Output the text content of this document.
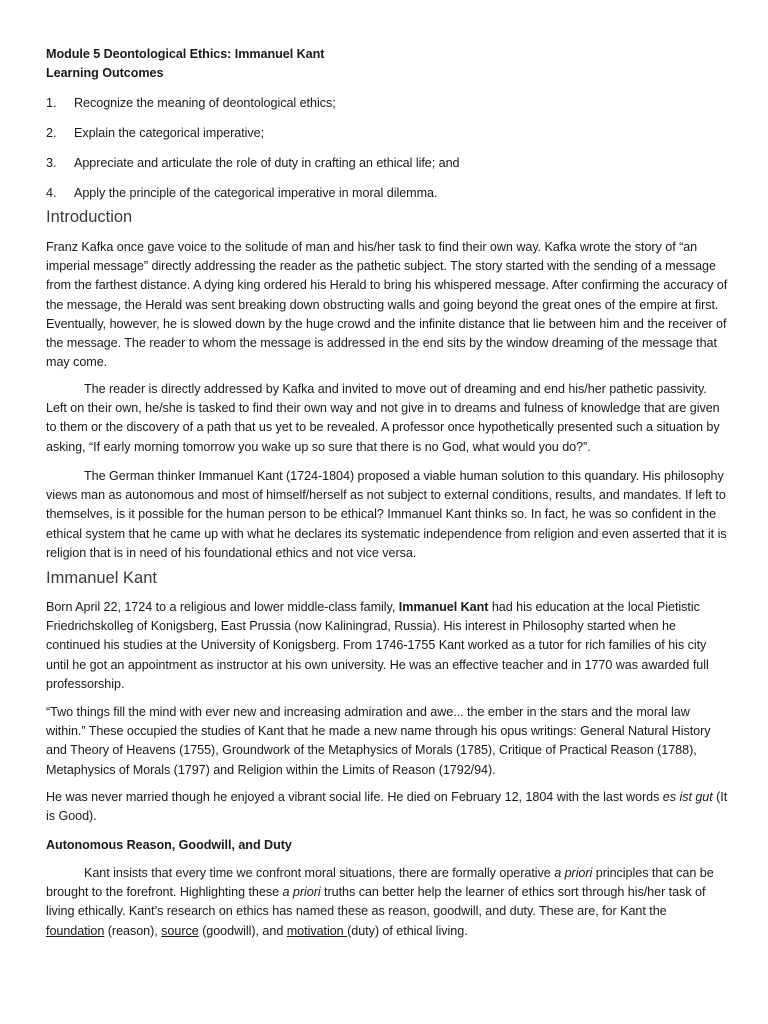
Module 5 Deontological Ethics: Immanuel Kant
Learning Outcomes
1.	Recognize the meaning of deontological ethics;
2.	Explain the categorical imperative;
3.	Appreciate and articulate the role of duty in crafting an ethical life; and
4.	Apply the principle of the categorical imperative in moral dilemma.
Introduction

Franz Kafka once gave voice to the solitude of man and his/her task to find their own way. Kafka wrote the story of “an imperial message” directly addressing the reader as the pathetic subject. The story started with the sending of a message from the farthest distance. A dying king ordered his Herald to bring his whispered message. After confirming the accuracy of the message, the Herald was sent breaking down obstructing walls and going beyond the great ones of the empire at first. Eventually, however, he is slowed down by the huge crowd and the infinite distance that lie between him and the receiver of the message. The reader to whom the message is addressed in the end sits by the window dreaming of the message that may come.

The reader is directly addressed by Kafka and invited to move out of dreaming and end his/her pathetic passivity. Left on their own, he/she is tasked to find their own way and not give in to dreams and fulness of knowledge that are given to them or the discovery of a path that us yet to be revealed. A professor once hypothetically presented such a situation by asking, “If early morning tomorrow you wake up so sure that there is no God, what would you do?”.

The German thinker Immanuel Kant (1724-1804) proposed a viable human solution to this quandary. His philosophy views man as autonomous and most of himself/herself as not subject to external conditions, results, and mandates. If left to themselves, is it possible for the human person to be ethical? Immanuel Kant thinks so. In fact, he was so confident in the ethical system that he came up with what he declares its systematic independence from religion and even asserted that it is religion that is in need of his foundational ethics and not vice versa.

Immanuel Kant

Born April 22, 1724 to a religious and lower middle-class family, Immanuel Kant had his education at the local Pietistic Friedrichskolleg of Konigsberg, East Prussia (now Kaliningrad, Russia). His interest in Philosophy started when he continued his studies at the University of Konigsberg. From 1746-1755 Kant worked as a tutor for rich families of his city until he got an appointment as instructor at his own university. He was an effective teacher and in 1770 was awarded full professorship.

“Two things fill the mind with ever new and increasing admiration and awe... the ember in the stars and the moral law within.” These occupied the studies of Kant that he made a new name through his opus writings: General Natural History and Theory of Heavens (1755), Groundwork of the Metaphysics of Morals (1785), Critique of Practical Reason (1788), Metaphysics of Morals (1797) and Religion within the Limits of Reason (1792/94).

He was never married though he enjoyed a vibrant social life. He died on February 12, 1804 with the last words es ist gut (It is Good).

Autonomous Reason, Goodwill, and Duty

Kant insists that every time we confront moral situations, there are formally operative a priori principles that can be brought to the forefront. Highlighting these a priori truths can better help the learner of ethics sort through his/her task of living ethically. Kant’s research on ethics has named these as reason, goodwill, and duty. These are, for Kant the foundation (reason), source (goodwill), and motivation (duty) of ethical living.
